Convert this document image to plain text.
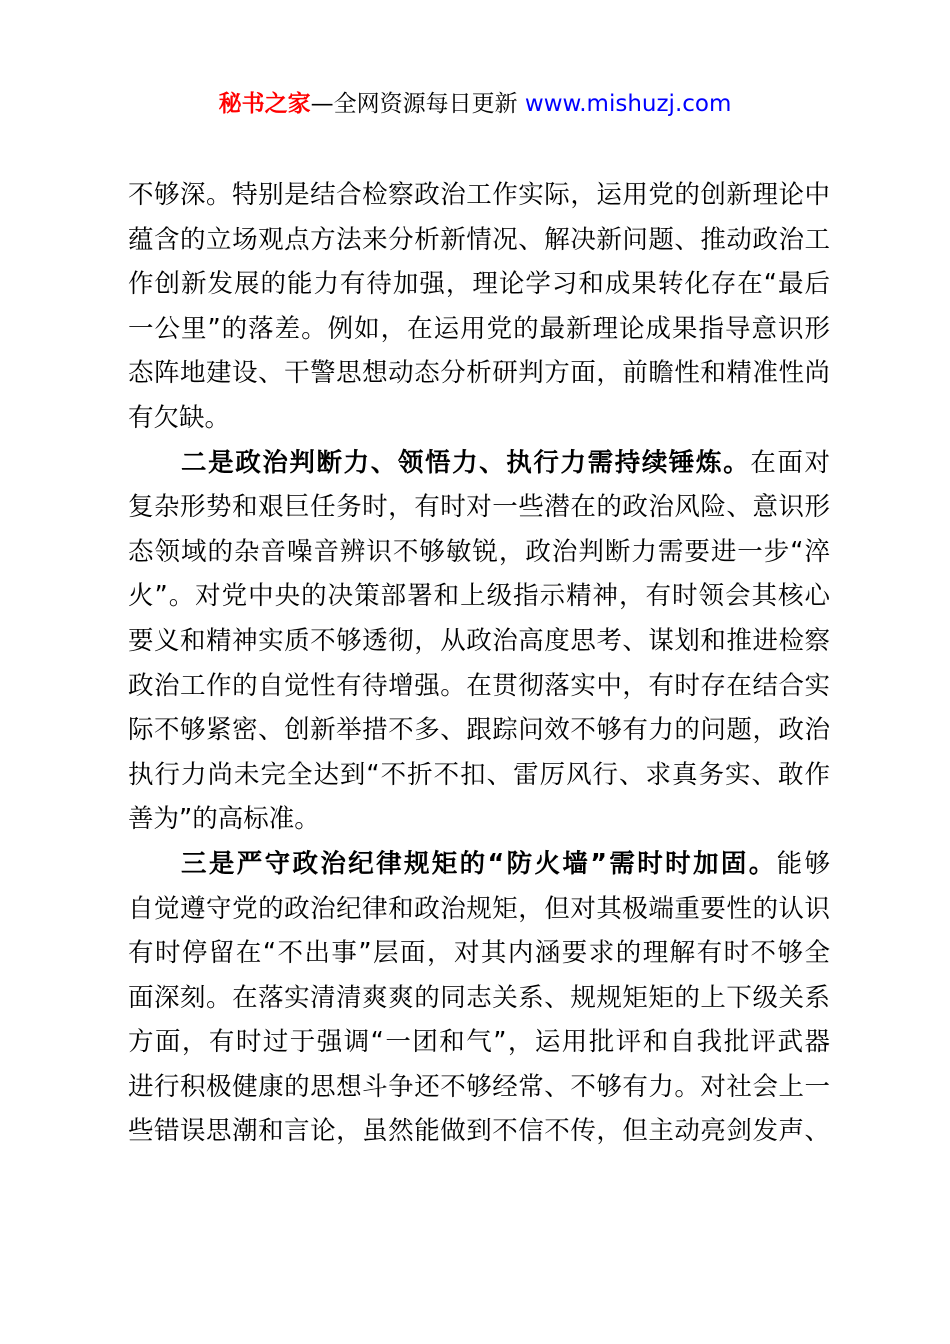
秘书之家—全网资源每日更新 www.mishuzj.com
不够深。特别是结合检察政治工作实际，运用党的创新理论中
蕴含的立场观点方法来分析新情况、解决新问题、推动政治工
作创新发展的能力有待加强，理论学习和成果转化存在“最后
一公里”的落差。例如，在运用党的最新理论成果指导意识形
态阵地建设、干警思想动态分析研判方面，前瞻性和精准性尚
有欠缺。
二是政治判断力、领悟力、执行力需持续锤炼。在面对
复杂形势和艰巨任务时，有时对一些潜在的政治风险、意识形
态领域的杂音噪音辨识不够敏锐，政治判断力需要进一步“淬
火”。对党中央的决策部署和上级指示精神，有时领会其核心
要义和精神实质不够透彻，从政治高度思考、谋划和推进检察
政治工作的自觉性有待增强。在贯彻落实中，有时存在结合实
际不够紧密、创新举措不多、跟踪问效不够有力的问题，政治
执行力尚未完全达到“不折不扣、雷厉风行、求真务实、敢作
善为”的高标准。
三是严守政治纪律规矩的“防火墙”需时时加固。能够
自觉遵守党的政治纪律和政治规矩，但对其极端重要性的认识
有时停留在“不出事”层面，对其内涵要求的理解有时不够全
面深刻。在落实清清爽爽的同志关系、规规矩矩的上下级关系
方面，有时过于强调“一团和气”，运用批评和自我批评武器
进行积极健康的思想斗争还不够经常、不够有力。对社会上一
些错误思潮和言论，虽然能做到不信不传，但主动亮剑发声、
